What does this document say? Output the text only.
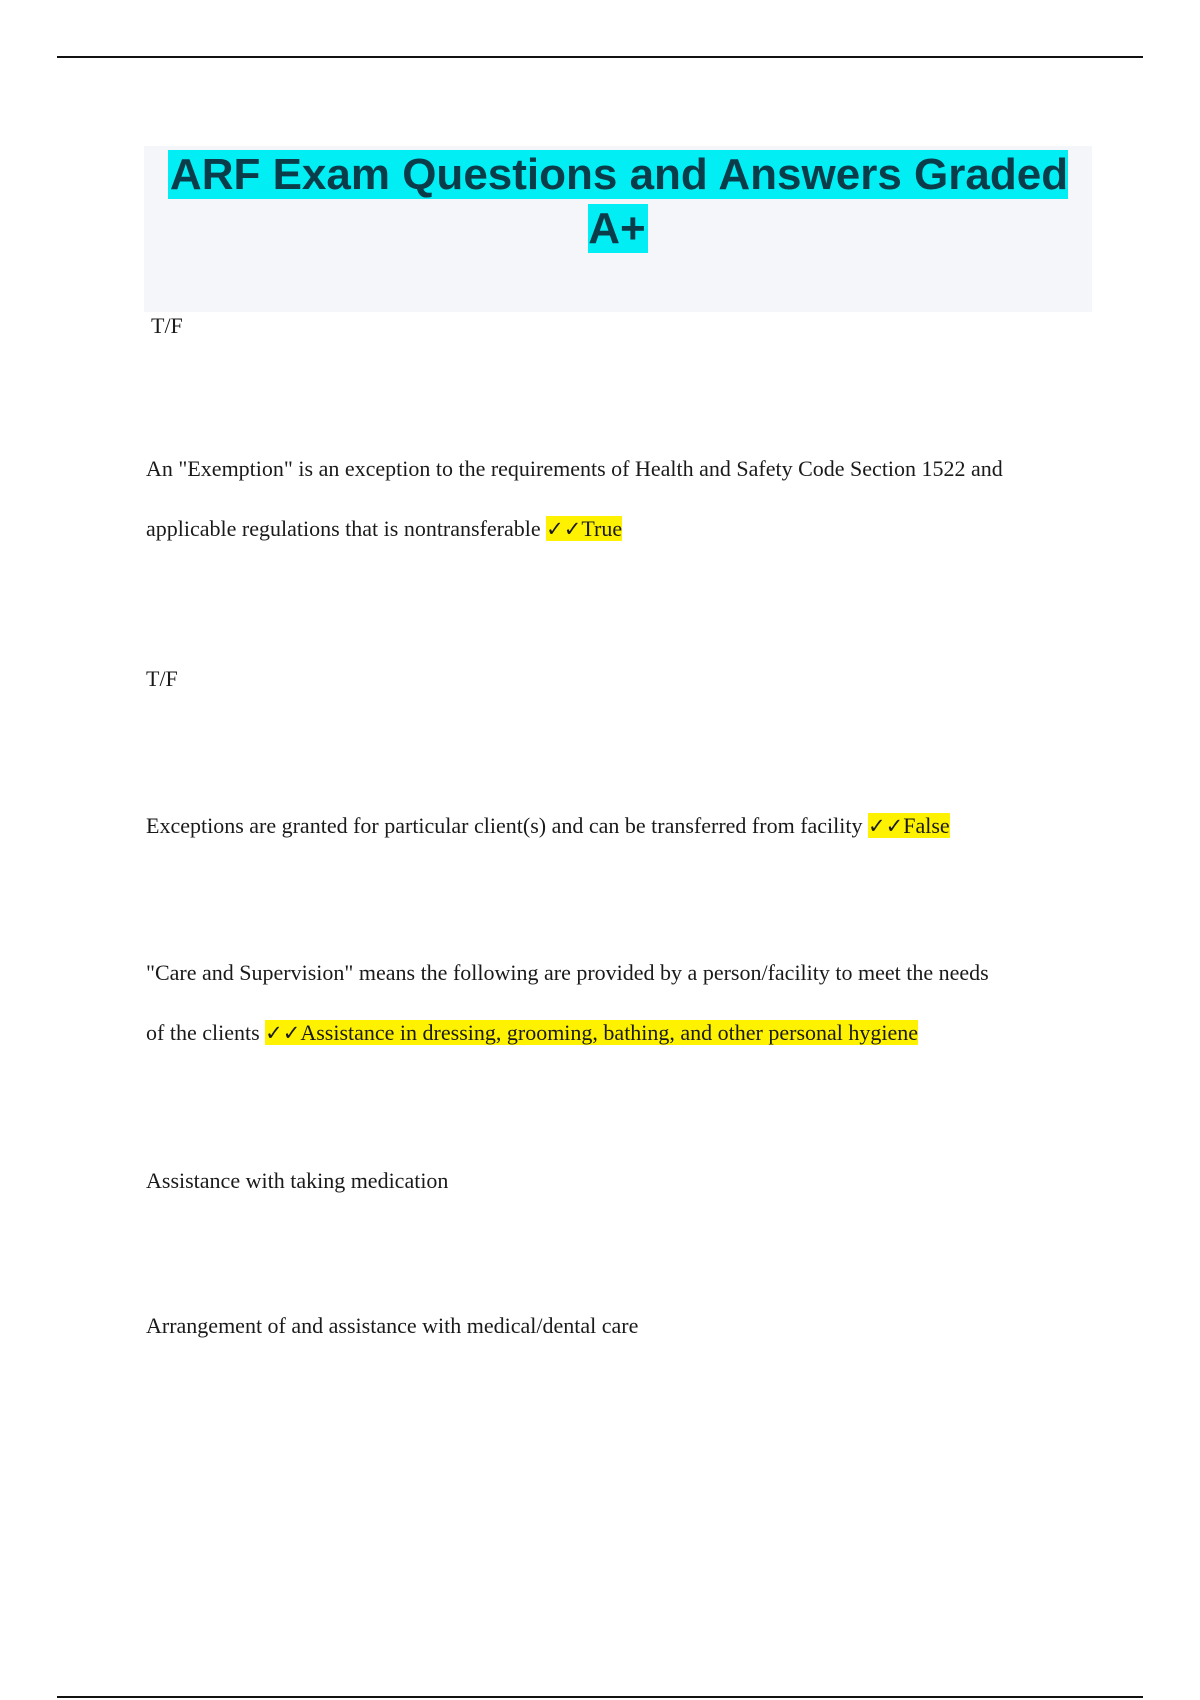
ARF Exam Questions and Answers Graded A+
T/F
An "Exemption" is an exception to the requirements of Health and Safety Code Section 1522 and
applicable regulations that is nontransferable ✓✓True
T/F
Exceptions are granted for particular client(s) and can be transferred from facility ✓✓False
"Care and Supervision" means the following are provided by a person/facility to meet the needs
of the clients ✓✓Assistance in dressing, grooming, bathing, and other personal hygiene
Assistance with taking medication
Arrangement of and assistance with medical/dental care
